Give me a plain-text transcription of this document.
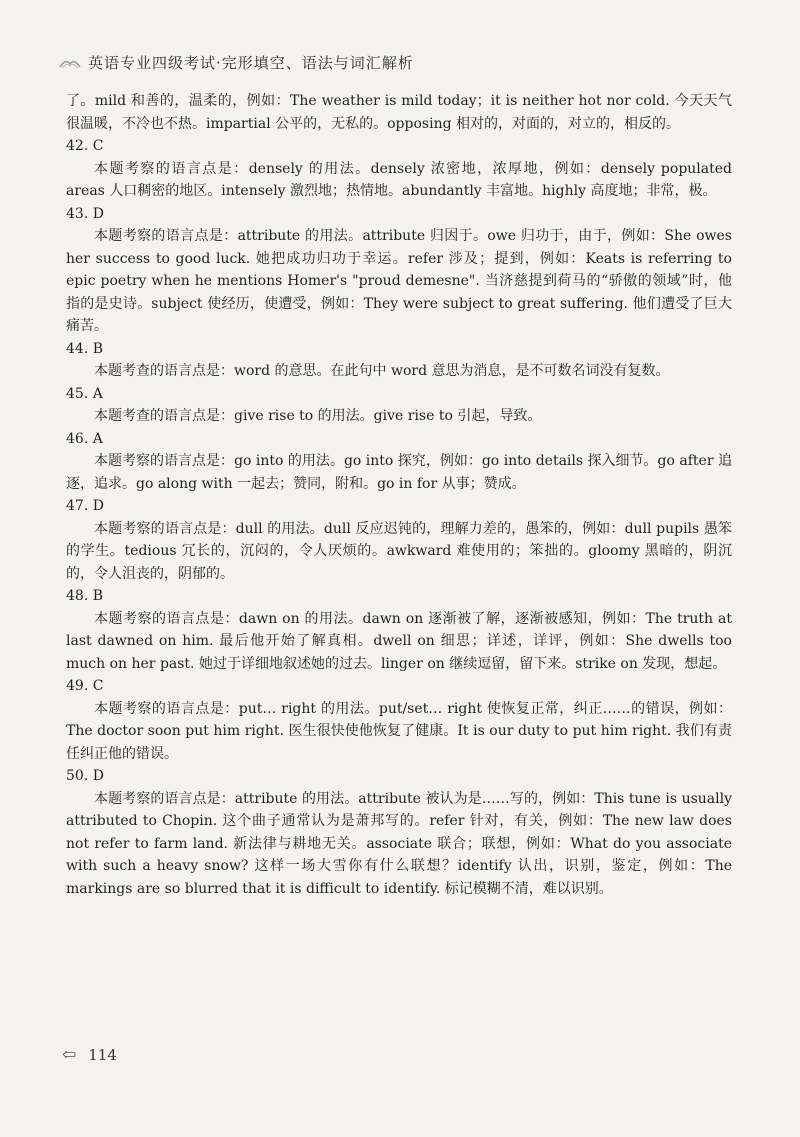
英语专业四级考试·完形填空、语法与词汇解析

了。mild 和善的，温柔的，例如：The weather is mild today；it is neither hot nor cold. 今天天气很温暖，不冷也不热。impartial 公平的，无私的。opposing 相对的，对面的，对立的，相反的。

42. C

本题考察的语言点是：densely 的用法。densely 浓密地，浓厚地，例如：densely populated areas 人口稠密的地区。intensely 激烈地；热情地。abundantly 丰富地。highly 高度地；非常，极。

43. D

本题考察的语言点是：attribute 的用法。attribute 归因于。owe 归功于，由于，例如：She owes her success to good luck. 她把成功归功于幸运。refer 涉及；提到，例如：Keats is referring to epic poetry when he mentions Homer's "proud demesne". 当济慈提到荷马的“骄傲的领域”时，他指的是史诗。subject 使经历，使遭受，例如：They were subject to great suffering. 他们遭受了巨大痛苦。

44. B

本题考查的语言点是：word 的意思。在此句中 word 意思为消息，是不可数名词没有复数。

45. A

本题考查的语言点是：give rise to 的用法。give rise to 引起，导致。

46. A

本题考察的语言点是：go into 的用法。go into 探究，例如：go into details 探入细节。go after 追逐，追求。go along with 一起去；赞同，附和。go in for 从事；赞成。

47. D

本题考察的语言点是：dull 的用法。dull 反应迟钝的，理解力差的，愚笨的，例如：dull pupils 愚笨的学生。tedious 冗长的，沉闷的，令人厌烦的。awkward 难使用的；笨拙的。gloomy 黑暗的，阴沉的，令人沮丧的，阴郁的。

48. B

本题考察的语言点是：dawn on 的用法。dawn on 逐渐被了解，逐渐被感知，例如：The truth at last dawned on him. 最后他开始了解真相。dwell on 细思；详述，详评，例如：She dwells too much on her past. 她过于详细地叙述她的过去。linger on 继续逗留，留下来。strike on 发现，想起。

49. C

本题考察的语言点是：put… right 的用法。put/set… right 使恢复正常，纠正……的错误，例如：The doctor soon put him right. 医生很快使他恢复了健康。It is our duty to put him right. 我们有责任纠正他的错误。

50. D

本题考察的语言点是：attribute 的用法。attribute 被认为是……写的，例如：This tune is usually attributed to Chopin. 这个曲子通常认为是萧邦写的。refer 针对，有关，例如：The new law does not refer to farm land. 新法律与耕地无关。associate 联合；联想，例如：What do you associate with such a heavy snow? 这样一场大雪你有什么联想？identify 认出，识别，鉴定，例如：The markings are so blurred that it is difficult to identify. 标记模糊不清，难以识别。

⇦ 114
